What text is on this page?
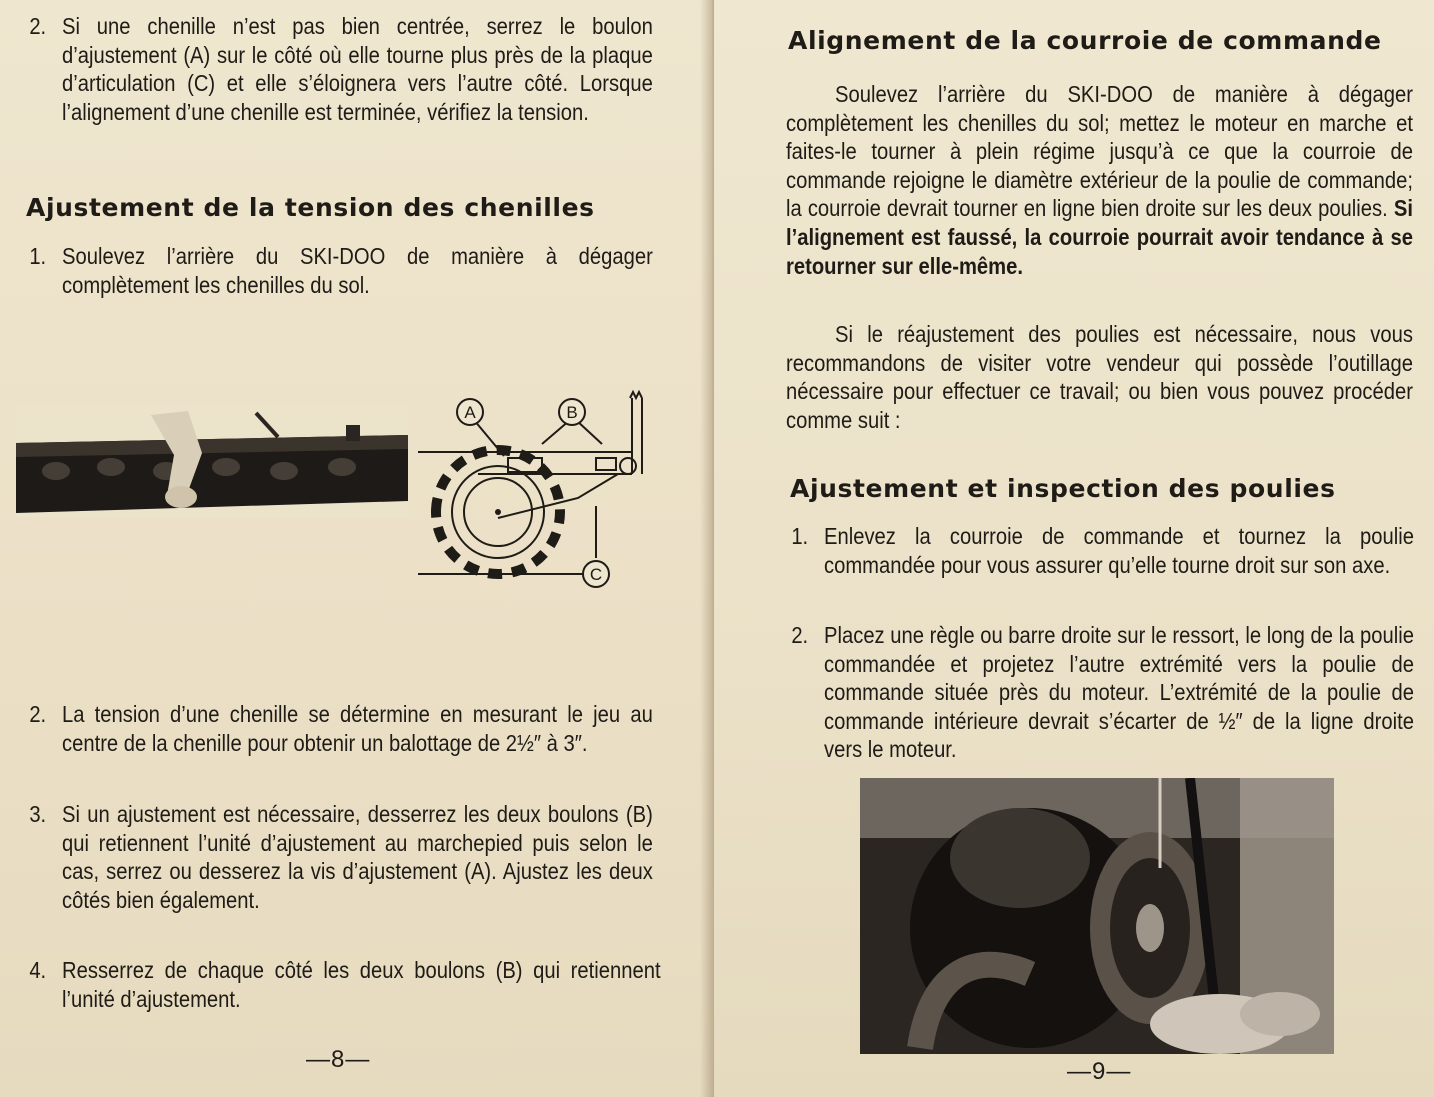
2. Si une chenille n’est pas bien centrée, serrez le boulon d’ajustement (A) sur le côté où elle tourne plus près de la plaque d’articulation (C) et elle s’éloignera vers l’autre côté. Lorsque l’alignement d’une chenille est terminée, vérifiez la tension.
Ajustement de la tension des chenilles
1. Soulevez l’arrière du SKI-DOO de manière à dégager complètement les chenilles du sol.
A	B
C
2. La tension d’une chenille se détermine en mesurant le jeu au centre de la chenille pour obtenir un balottage de 2½″ à 3″.
3. Si un ajustement est nécessaire, desserrez les deux boulons (B) qui retiennent l’unité d’ajustement au marchepied puis selon le cas, serrez ou desserez la vis d’ajustement (A). Ajustez les deux côtés bien également.
4. Resserrez de chaque côté les deux boulons (B) qui retiennent l’unité d’ajustement.
—8—
Alignement de la courroie de commande
Soulevez l’arrière du SKI-DOO de manière à dégager complètement les chenilles du sol; mettez le moteur en marche et faites-le tourner à plein régime jusqu’à ce que la courroie de commande rejoigne le diamètre extérieur de la poulie de commande; la courroie devrait tourner en ligne bien droite sur les deux poulies. Si l’alignement est faussé, la courroie pourrait avoir tendance à se retourner sur elle-même.
Si le réajustement des poulies est nécessaire, nous vous recommandons de visiter votre vendeur qui possède l’outillage nécessaire pour effectuer ce travail; ou bien vous pouvez procéder comme suit :
Ajustement et inspection des poulies
1. Enlevez la courroie de commande et tournez la poulie commandée pour vous assurer qu’elle tourne droit sur son axe.
2. Placez une règle ou barre droite sur le ressort, le long de la poulie commandée et projetez l’autre extrémité vers la poulie de commande située près du moteur. L’extrémité de la poulie de commande intérieure devrait s’écarter de ½″ de la ligne droite vers le moteur.
—9—
